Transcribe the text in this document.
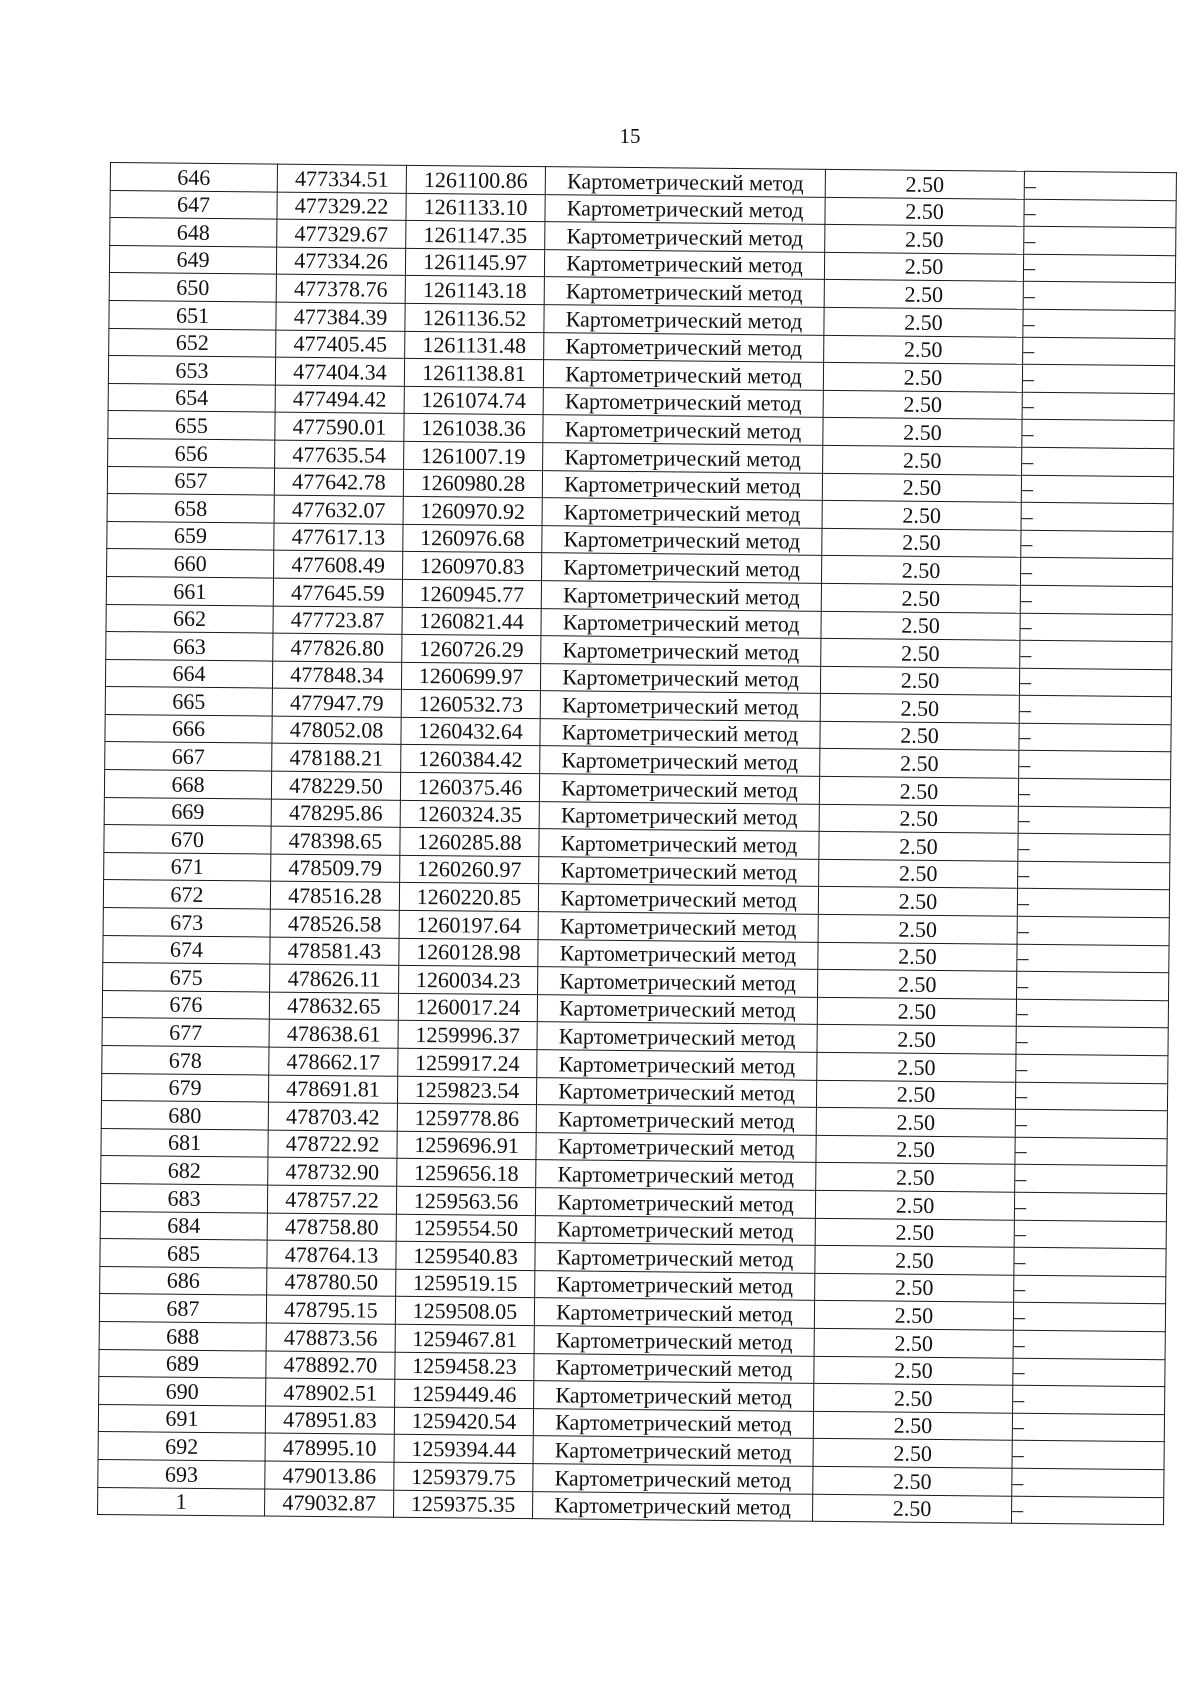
15
646	477334.51	1261100.86	Картометрический метод	2.50	–
647	477329.22	1261133.10	Картометрический метод	2.50	–
648	477329.67	1261147.35	Картометрический метод	2.50	–
649	477334.26	1261145.97	Картометрический метод	2.50	–
650	477378.76	1261143.18	Картометрический метод	2.50	–
651	477384.39	1261136.52	Картометрический метод	2.50	–
652	477405.45	1261131.48	Картометрический метод	2.50	–
653	477404.34	1261138.81	Картометрический метод	2.50	–
654	477494.42	1261074.74	Картометрический метод	2.50	–
655	477590.01	1261038.36	Картометрический метод	2.50	–
656	477635.54	1261007.19	Картометрический метод	2.50	–
657	477642.78	1260980.28	Картометрический метод	2.50	–
658	477632.07	1260970.92	Картометрический метод	2.50	–
659	477617.13	1260976.68	Картометрический метод	2.50	–
660	477608.49	1260970.83	Картометрический метод	2.50	–
661	477645.59	1260945.77	Картометрический метод	2.50	–
662	477723.87	1260821.44	Картометрический метод	2.50	–
663	477826.80	1260726.29	Картометрический метод	2.50	–
664	477848.34	1260699.97	Картометрический метод	2.50	–
665	477947.79	1260532.73	Картометрический метод	2.50	–
666	478052.08	1260432.64	Картометрический метод	2.50	–
667	478188.21	1260384.42	Картометрический метод	2.50	–
668	478229.50	1260375.46	Картометрический метод	2.50	–
669	478295.86	1260324.35	Картометрический метод	2.50	–
670	478398.65	1260285.88	Картометрический метод	2.50	–
671	478509.79	1260260.97	Картометрический метод	2.50	–
672	478516.28	1260220.85	Картометрический метод	2.50	–
673	478526.58	1260197.64	Картометрический метод	2.50	–
674	478581.43	1260128.98	Картометрический метод	2.50	–
675	478626.11	1260034.23	Картометрический метод	2.50	–
676	478632.65	1260017.24	Картометрический метод	2.50	–
677	478638.61	1259996.37	Картометрический метод	2.50	–
678	478662.17	1259917.24	Картометрический метод	2.50	–
679	478691.81	1259823.54	Картометрический метод	2.50	–
680	478703.42	1259778.86	Картометрический метод	2.50	–
681	478722.92	1259696.91	Картометрический метод	2.50	–
682	478732.90	1259656.18	Картометрический метод	2.50	–
683	478757.22	1259563.56	Картометрический метод	2.50	–
684	478758.80	1259554.50	Картометрический метод	2.50	–
685	478764.13	1259540.83	Картометрический метод	2.50	–
686	478780.50	1259519.15	Картометрический метод	2.50	–
687	478795.15	1259508.05	Картометрический метод	2.50	–
688	478873.56	1259467.81	Картометрический метод	2.50	–
689	478892.70	1259458.23	Картометрический метод	2.50	–
690	478902.51	1259449.46	Картометрический метод	2.50	–
691	478951.83	1259420.54	Картометрический метод	2.50	–
692	478995.10	1259394.44	Картометрический метод	2.50	–
693	479013.86	1259379.75	Картометрический метод	2.50	–
1	479032.87	1259375.35	Картометрический метод	2.50	–
